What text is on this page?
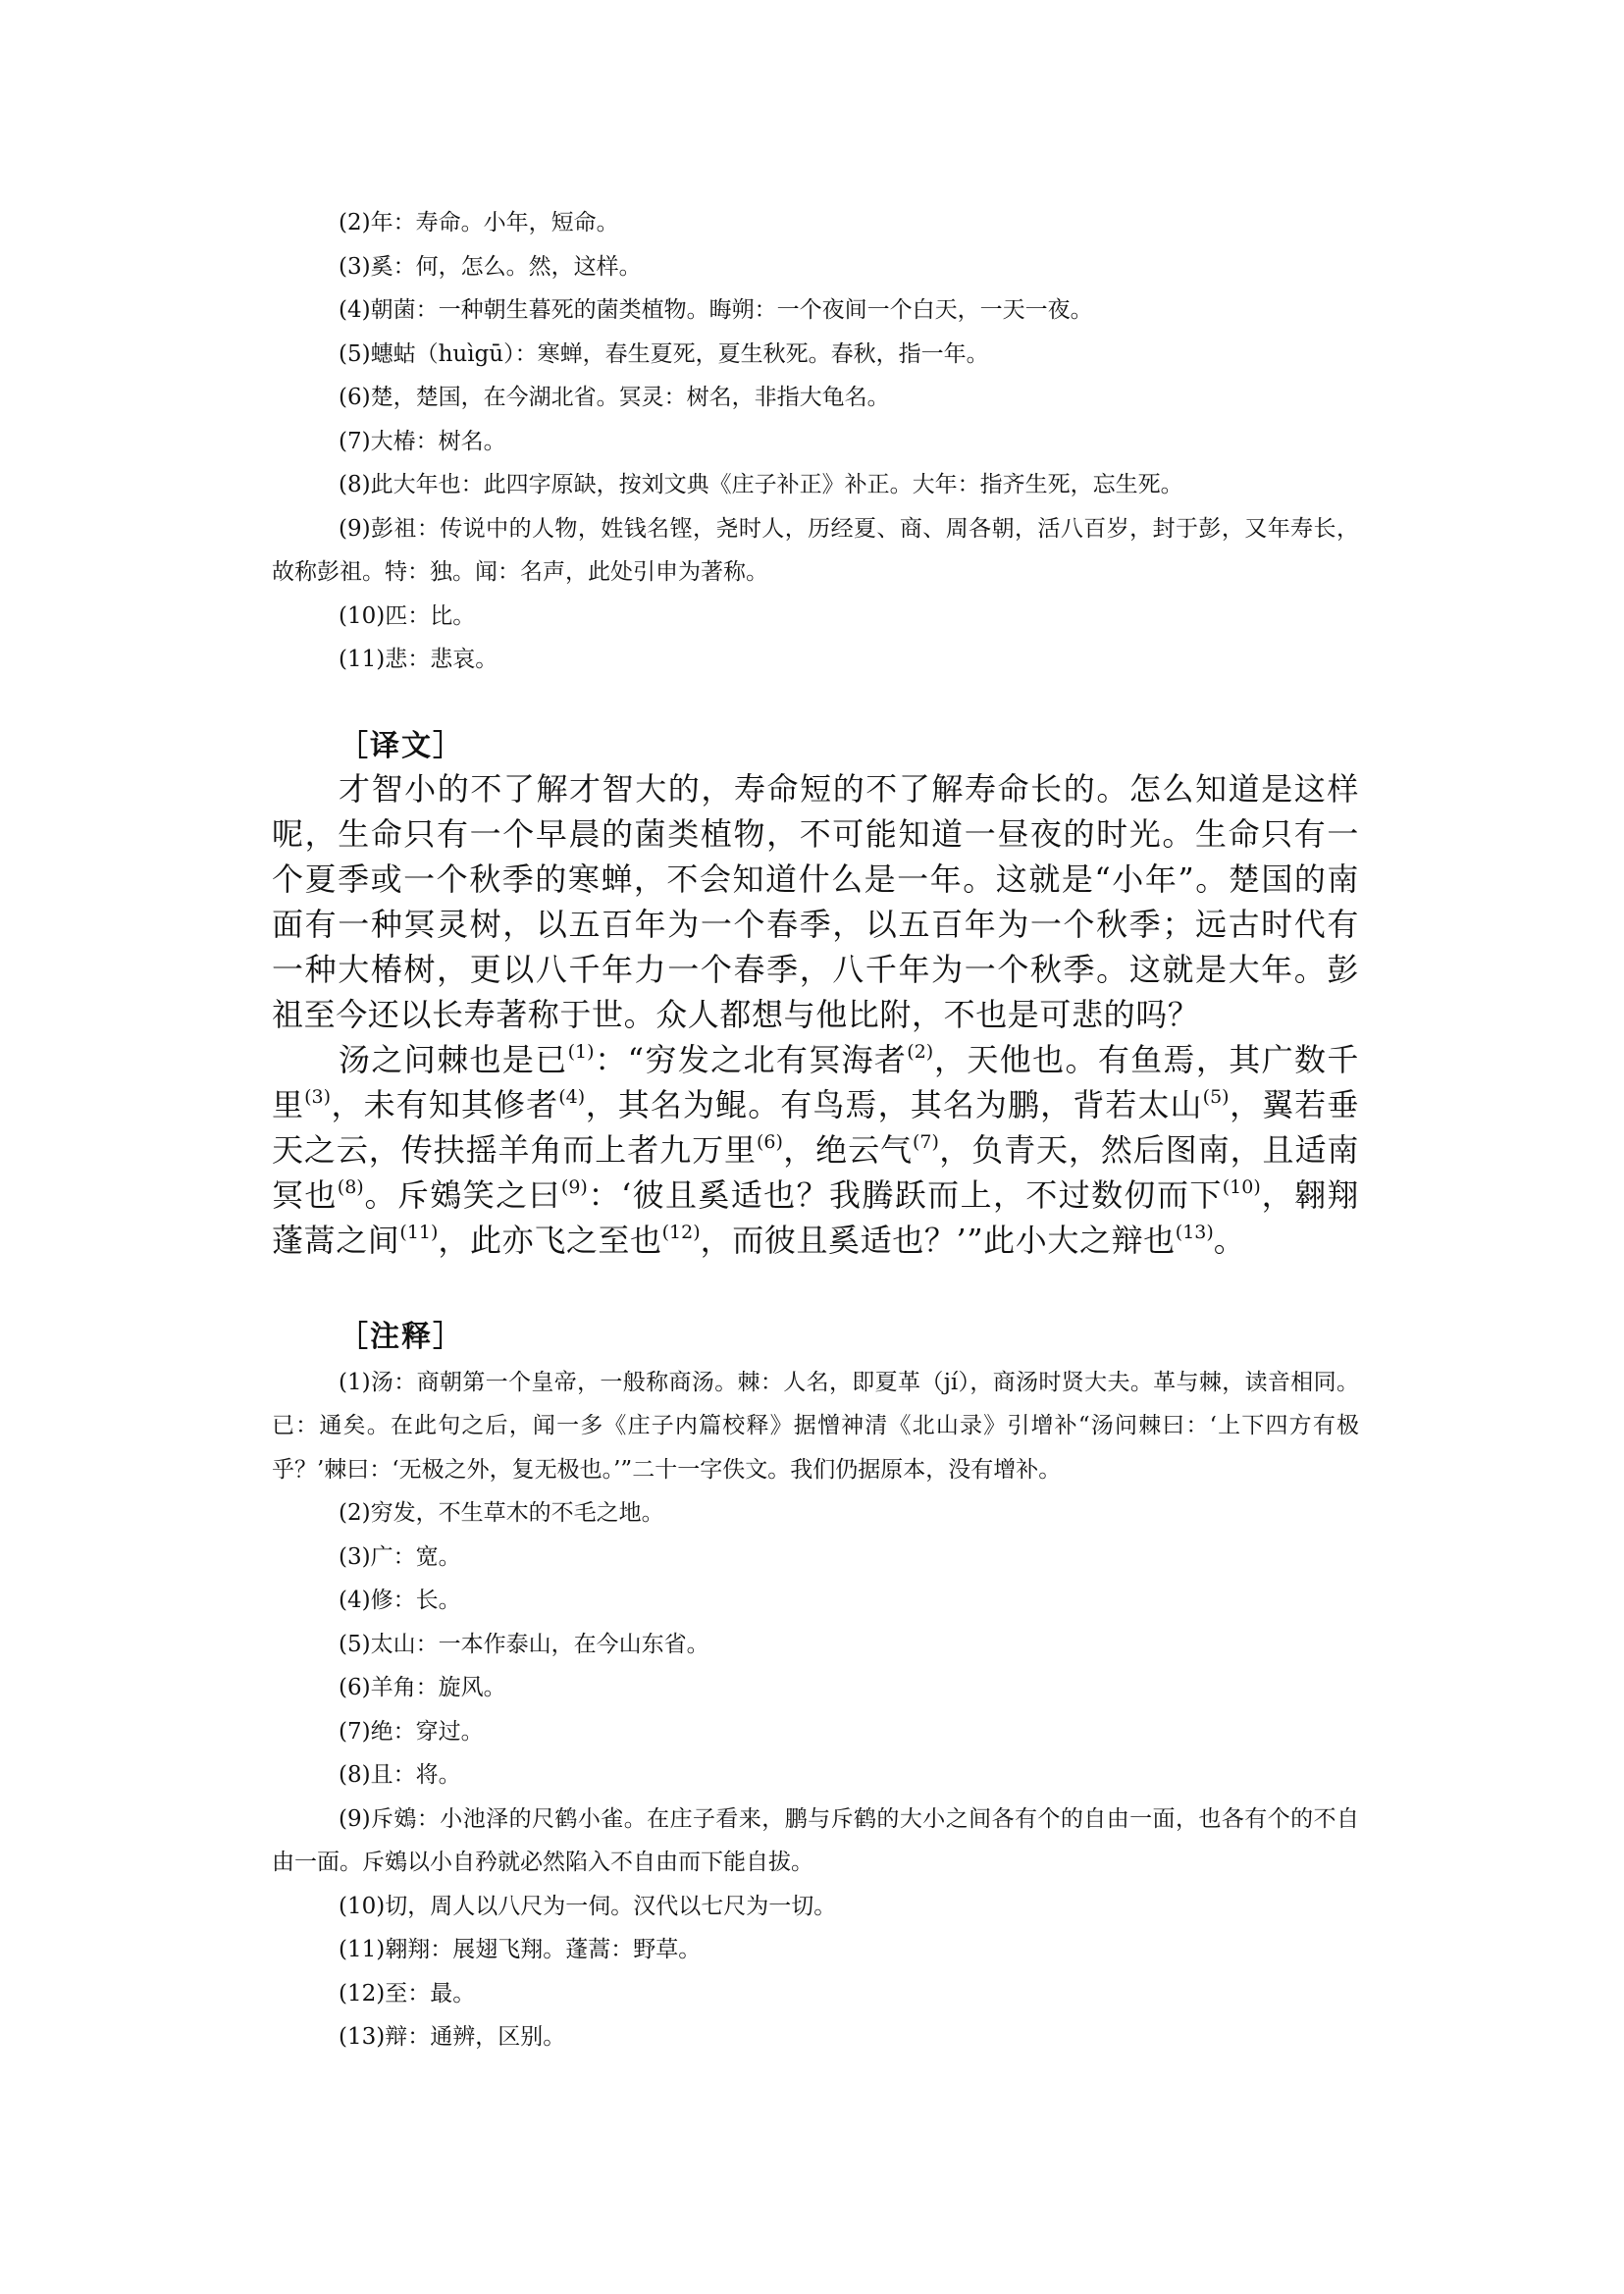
(2)年：寿命。小年，短命。

(3)奚：何，怎么。然，这样。

(4)朝菌：一种朝生暮死的菌类植物。晦朔：一个夜间一个白天，一天一夜。

(5)蟪蛄（huìgū）：寒蝉，春生夏死，夏生秋死。春秋，指一年。

(6)楚，楚国，在今湖北省。冥灵：树名，非指大龟名。

(7)大椿：树名。

(8)此大年也：此四字原缺，按刘文典《庄子补正》补正。大年：指齐生死，忘生死。

(9)彭祖：传说中的人物，姓钱名铿，尧时人，历经夏、商、周各朝，活八百岁，封于彭，又年寿长，故称彭祖。特：独。闻：名声，此处引申为著称。

(10)匹：比。

(11)悲：悲哀。

［译文］

才智小的不了解才智大的，寿命短的不了解寿命长的。怎么知道是这样呢，生命只有一个早晨的菌类植物，不可能知道一昼夜的时光。生命只有一个夏季或一个秋季的寒蝉，不会知道什么是一年。这就是“小年”。楚国的南面有一种冥灵树，以五百年为一个春季，以五百年为一个秋季；远古时代有一种大椿树，更以八千年力一个春季，八千年为一个秋季。这就是大年。彭祖至今还以长寿著称于世。众人都想与他比附，不也是可悲的吗？

汤之问棘也是已$^{(1)}$：“穷发之北有冥海者$^{(2)}$，天他也。有鱼焉，其广数千里$^{(3)}$，未有知其修者$^{(4)}$，其名为鲲。有鸟焉，其名为鹏，背若太山$^{(5)}$，翼若垂天之云，传扶摇羊角而上者九万里$^{(6)}$，绝云气$^{(7)}$，负青天，然后图南，且适南冥也$^{(8)}$。斥鴳笑之曰$^{(9)}$：‘彼且奚适也？我腾跃而上，不过数仞而下$^{(10)}$，翱翔蓬蒿之间$^{(11)}$，此亦飞之至也$^{(12)}$，而彼且奚适也？’”此小大之辩也$^{(13)}$。

［注释］

(1)汤：商朝第一个皇帝，一般称商汤。棘：人名，即夏革（jí），商汤时贤大夫。革与棘，读音相同。已：通矣。在此句之后，闻一多《庄子内篇校释》据憎神清《北山录》引增补“汤问棘曰：‘上下四方有极乎？’棘曰：‘无极之外，复无极也。’”二十一字佚文。我们仍据原本，没有增补。

(2)穷发，不生草木的不毛之地。

(3)广：宽。

(4)修：长。

(5)太山：一本作泰山，在今山东省。

(6)羊角：旋风。

(7)绝：穿过。

(8)且：将。

(9)斥鴳：小池泽的尺鹤小雀。在庄子看来，鹏与斥鹤的大小之间各有个的自由一面，也各有个的不自由一面。斥鴳以小自矜就必然陷入不自由而下能自拔。

(10)切，周人以八尺为一伺。汉代以七尺为一切。

(11)翱翔：展翅飞翔。蓬蒿：野草。

(12)至：最。

(13)辩：通辨，区别。
